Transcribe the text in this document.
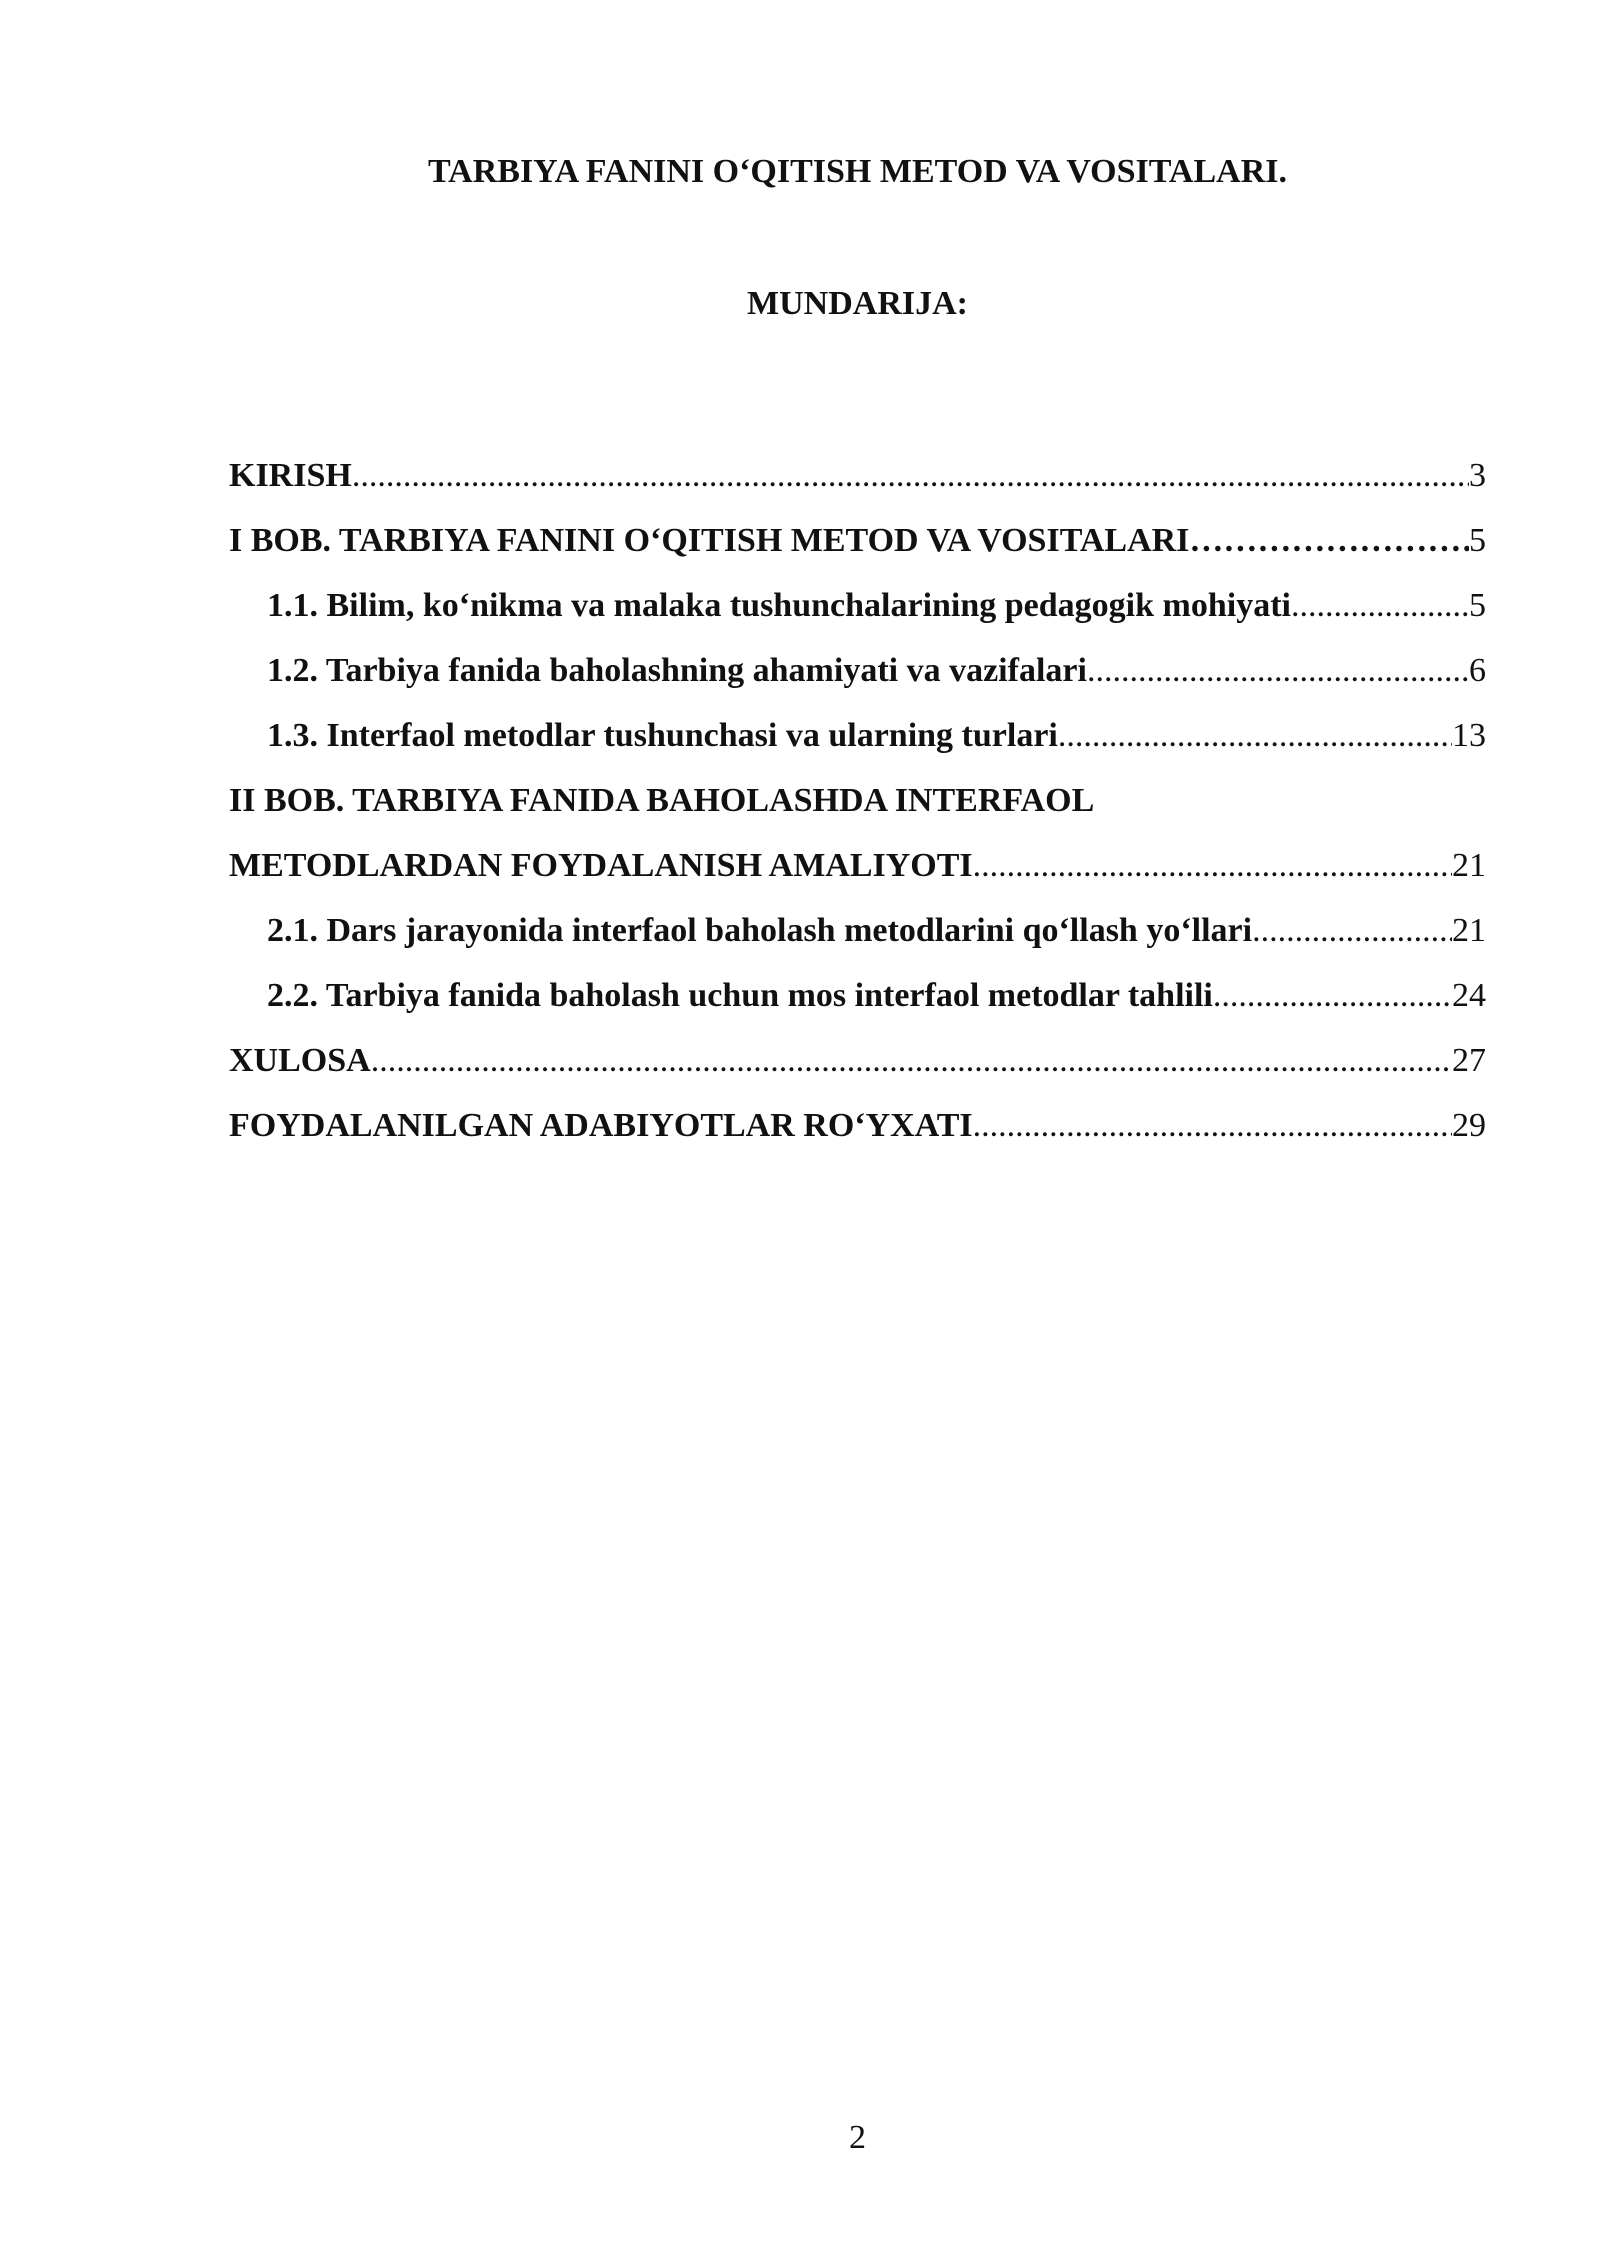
TARBIYA FANINI O‘QITISH METOD VA VOSITALARI.
MUNDARIJA:
KIRISH .....	3
I BOB. TARBIYA FANINI O‘QITISH METOD VA VOSITALARI ………………………………………………………………………………………………………………………………………………	5
1.1. Bilim, ko‘nikma va malaka tushunchalarining pedagogik mohiyati .....	5
1.2. Tarbiya fanida baholashning ahamiyati va vazifalari .....	6
1.3. Interfaol metodlar tushunchasi va ularning turlari .....	13
II BOB. TARBIYA FANIDA BAHOLASHDA INTERFAOL
METODLARDAN FOYDALANISH AMALIYOTI .....	21
2.1. Dars jarayonida interfaol baholash metodlarini qo‘llash yo‘llari .....	21
2.2. Tarbiya fanida baholash uchun mos interfaol metodlar tahlili .....	24
XULOSA .....	27
FOYDALANILGAN ADABIYOTLAR RO‘YXATI .....	29
2
